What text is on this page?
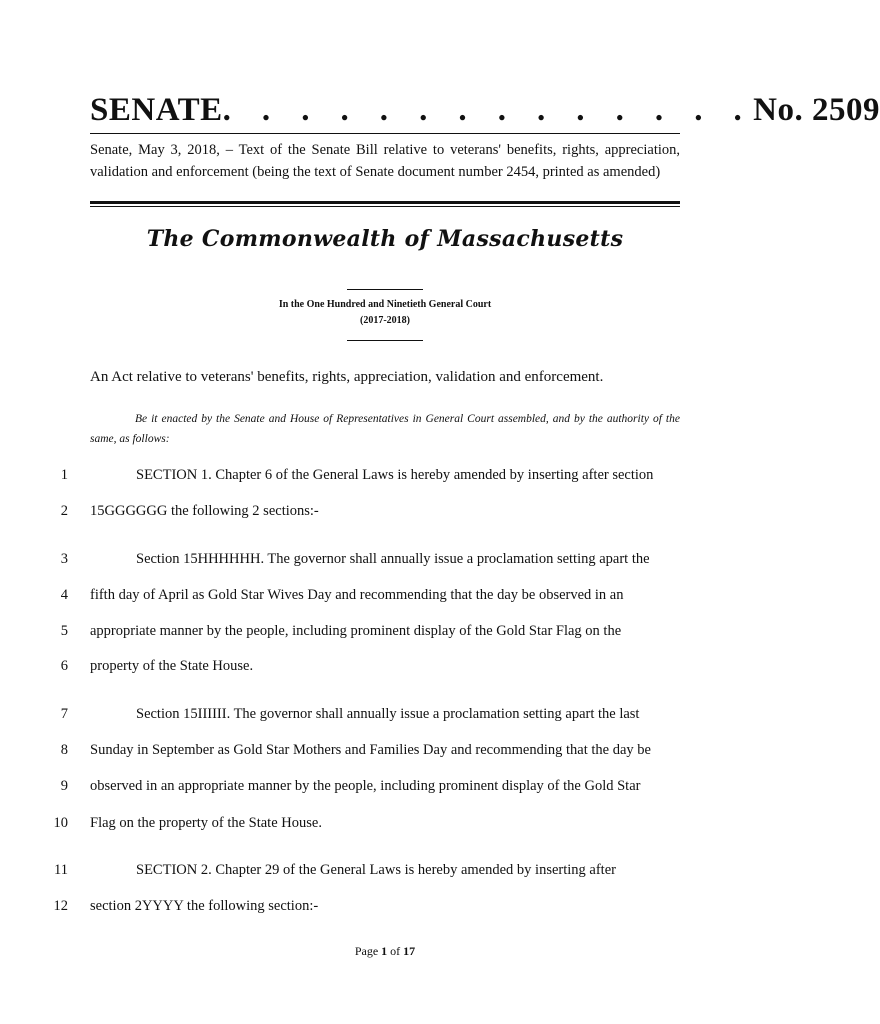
SENATE . . . . . . . . . . . . . . No. 2509
Senate, May 3, 2018, – Text of the Senate Bill relative to veterans' benefits, rights, appreciation, validation and enforcement (being the text of Senate document number 2454, printed as amended)
The Commonwealth of Massachusetts
In the One Hundred and Ninetieth General Court
(2017-2018)
An Act relative to veterans' benefits, rights, appreciation, validation and enforcement.
Be it enacted by the Senate and House of Representatives in General Court assembled, and by the authority of the same, as follows:
1	SECTION 1. Chapter 6 of the General Laws is hereby amended by inserting after section
2 15GGGGGG the following 2 sections:-
3	Section 15HHHHHH. The governor shall annually issue a proclamation setting apart the
4 fifth day of April as Gold Star Wives Day and recommending that the day be observed in an
5 appropriate manner by the people, including prominent display of the Gold Star Flag on the
6 property of the State House.
7	Section 15IIIIII. The governor shall annually issue a proclamation setting apart the last
8 Sunday in September as Gold Star Mothers and Families Day and recommending that the day be
9 observed in an appropriate manner by the people, including prominent display of the Gold Star
10 Flag on the property of the State House.
11	SECTION 2. Chapter 29 of the General Laws is hereby amended by inserting after
12 section 2YYYY the following section:-
Page 1 of 17
